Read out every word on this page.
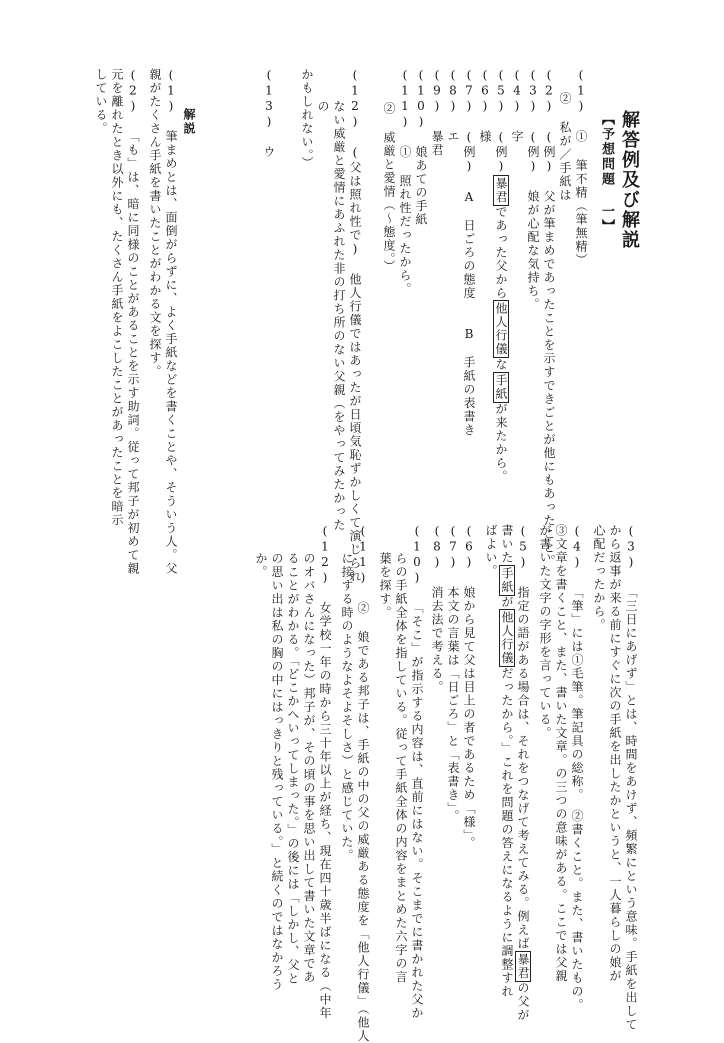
解答例及び解説
【予想問題 一】
(1) ① 筆不精（筆無精）
② 私が／手紙は
(2) (例) 父が筆まめであったことを示すできごとが他にもあったこと。
(3) (例) 娘が心配な気持ち。
(4) 字
(5) (例)暴君であった父から他人行儀な手紙が来たから。
(6) 様
(7) (例) A　日ごろの態度　　B　手紙の表書き
(8) エ
(9) 暴君
(10) 娘あての手紙
(11) ① 照れ性だったから。
② 威厳と愛情（～態度。）
(12) (父は照れ性で) 他人行儀ではあったが日頃気恥ずかしくて演じられ
ない威厳と愛情にあふれた非の打ち所のない父親（をやってみたかった
の
かもしれない。）
(13) ウ
解説
(1) 筆まめとは、面倒がらずに、よく手紙などを書くことや、そういう人。父
親がたくさん手紙を書いたことがわかる文を探す。
(2) 「も」は、暗に同様のことがあることを示す助詞。従って邦子が初めて親
元を離れたとき以外にも、たくさん手紙をよこしたことがあったことを暗示
している。
(3) 「三日にあげず」とは、時間をあけず、頻繁にという意味。手紙を出して
から返事が来る前にすぐに次の手紙を出したかというと、一人暮らしの娘が
心配だったから。
(4) 「筆」には①毛筆。筆記具の総称。　②書くこと。また、書いたもの。
③文章を書くこと、また、書いた文章。の三つの意味がある。ここでは父親
が書いた文字の字形を言っている。
(5) 指定の語がある場合は、それをつなげて考えてみる。例えば暴君の父が
書いた手紙が他人行儀だったから。」これを問題の答えになるように調整すれ
ばよい。
(6) 娘から見て父は目上の者であるため「様」。
(7) 本文の言葉は「日ごろ」と「表書き」。
(8) 消去法で考える。
(10) 「そこ」が指示する内容は、直前にはない。そこまでに書かれた父か
らの手紙全体を指している。従って手紙全体の内容をまとめた六字の言
葉を探す。
(11) ② 娘である邦子は、手紙の中の父の威厳ある態度を「他人行儀」（他人
に接する時のようなよそよそしさ）と感じていた。
(12) 女学校一年の時から三十年以上が経ち、現在四十歳半ばになる（中年
のオバさんになった）邦子が、その頃の事を思い出して書いた文章であ
ることがわかる。「どこかへいってしまった。」の後には「しかし、父と
の思い出は私の胸の中にはっきりと残っている。」と続くのではなかろう
か。
